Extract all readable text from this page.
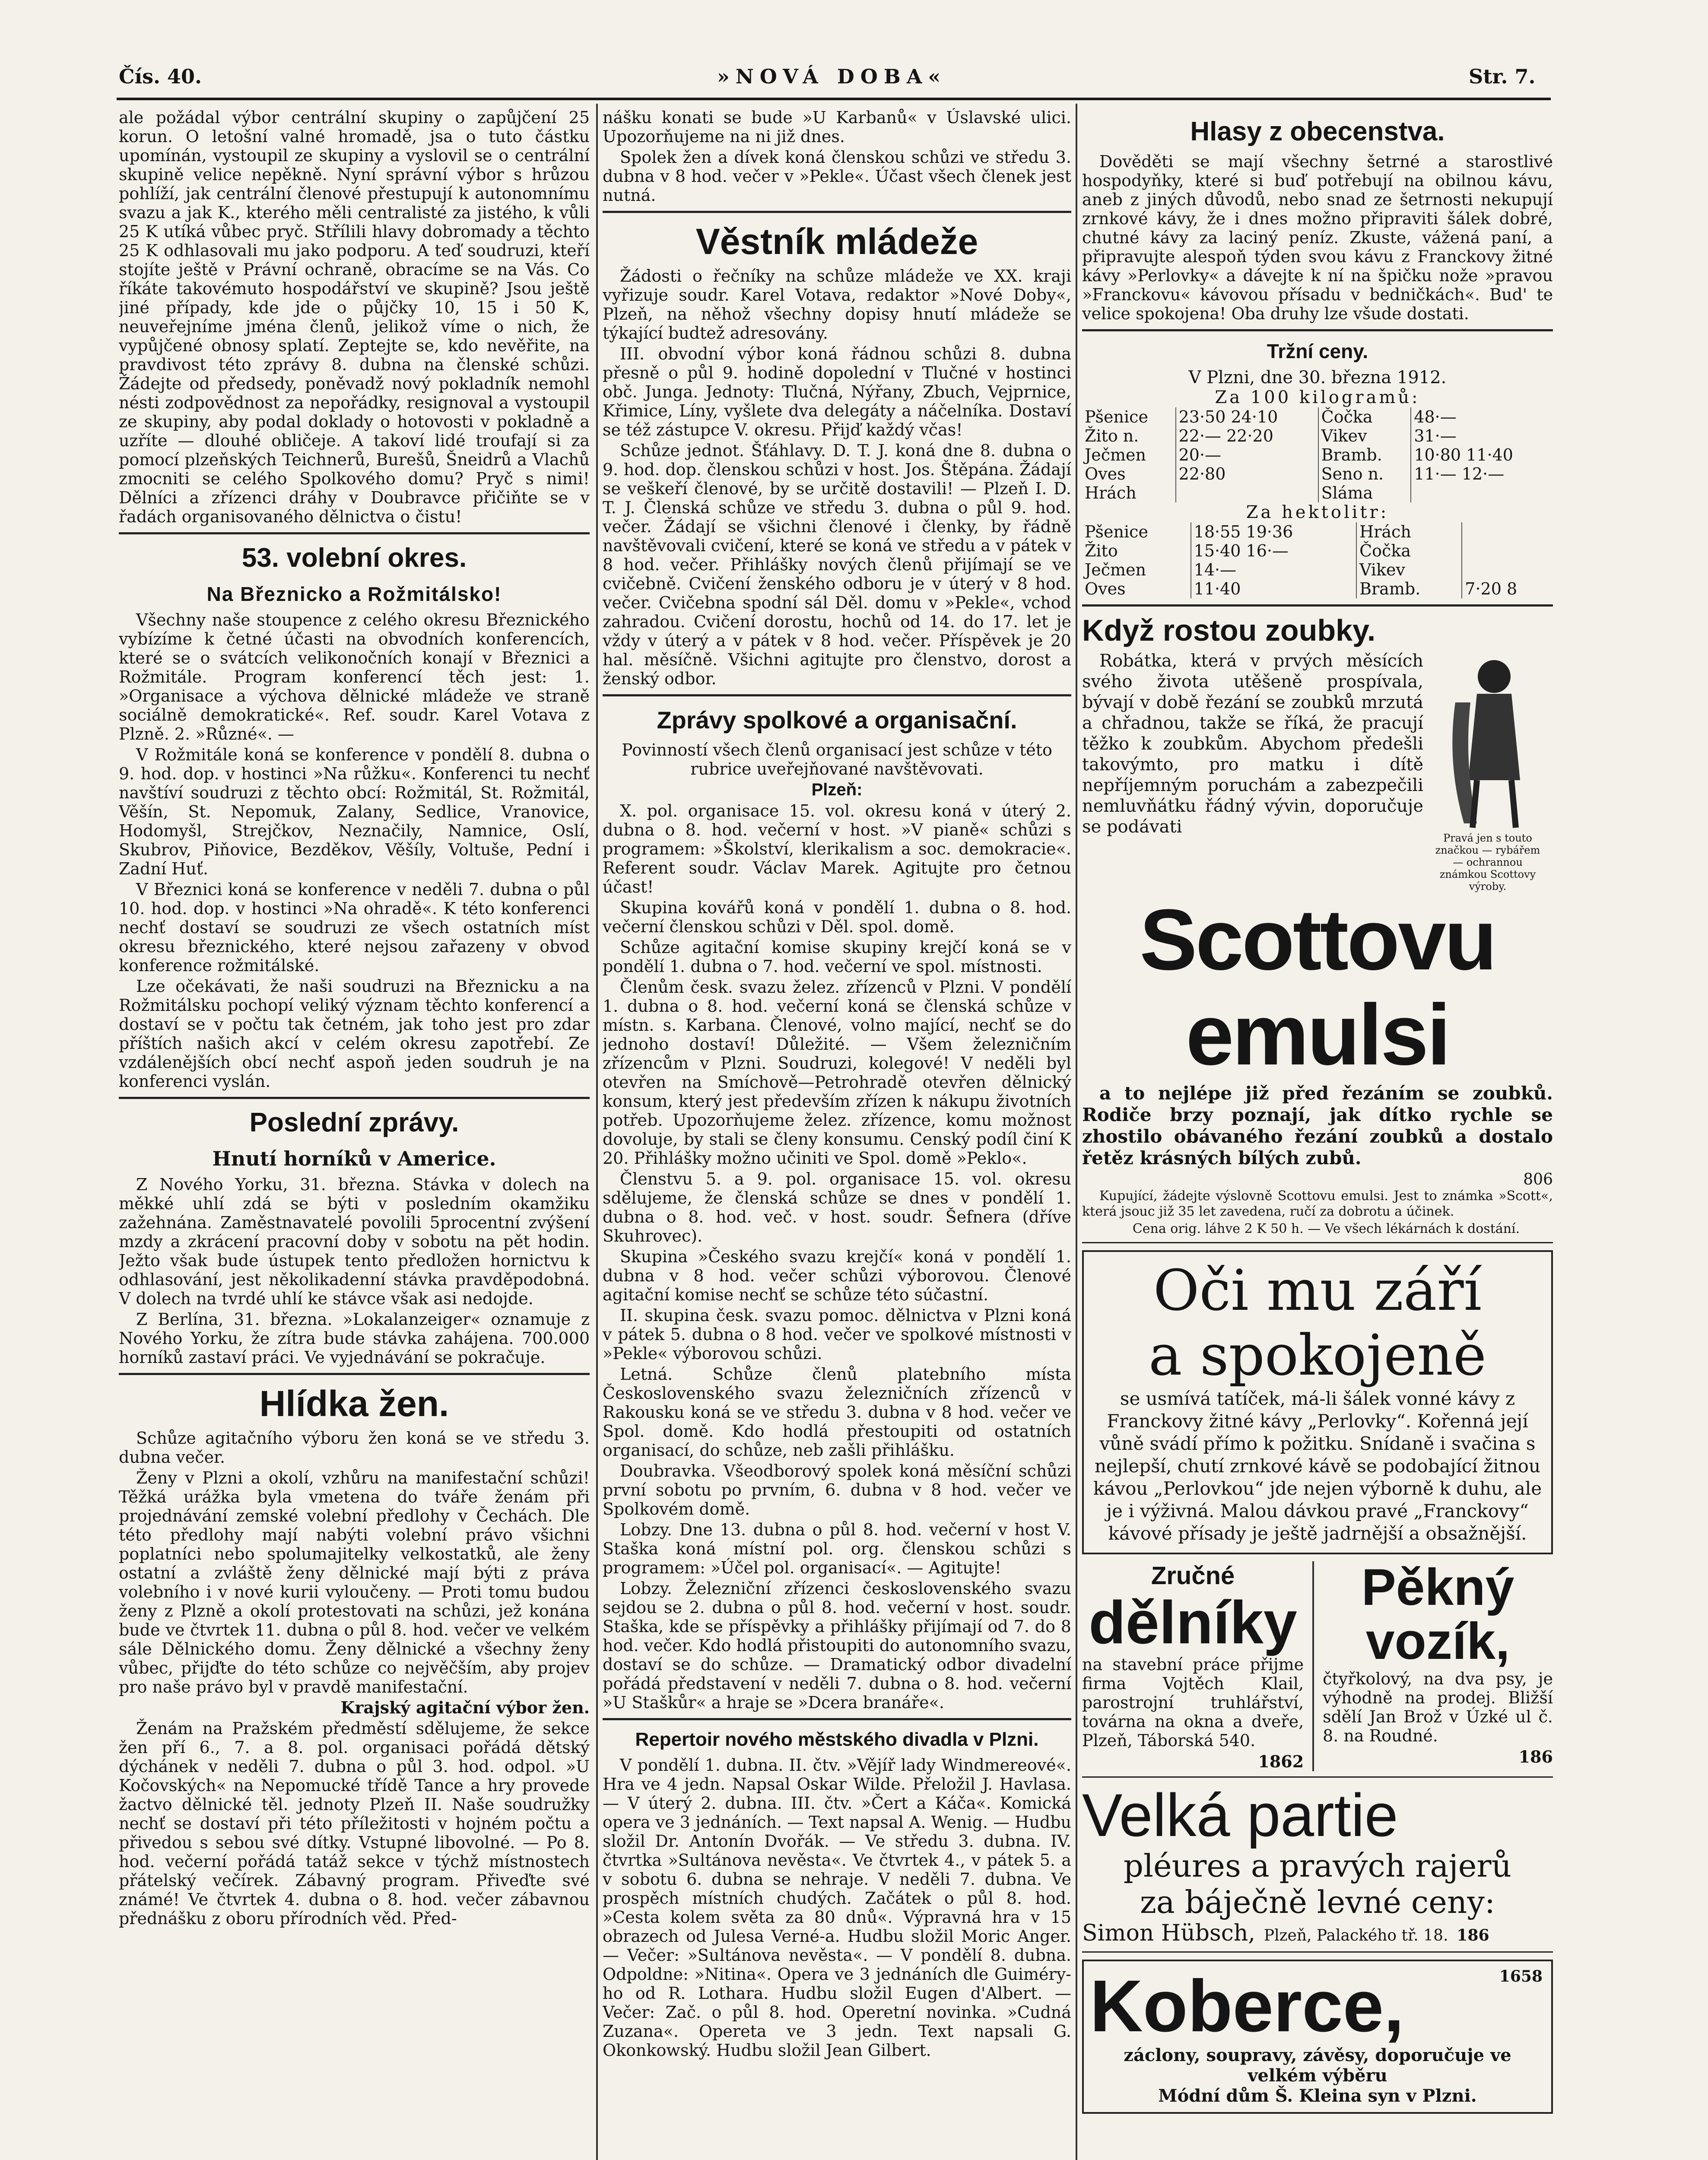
Čís. 40.	»NOVÁ DOBA«	Str. 7.

ale požádal výbor centrální skupiny o zapůjčení 25 korun. O letošní valné hromadě, jsa o tuto částku upomínán, vystoupil ze skupiny a vyslovil se o centrální skupině velice nepěkně. Nyní správní výbor s hrůzou pohlíží, jak centrální členové přestupují k autonomnímu svazu a jak K., kterého měli centralisté za jistého, k vůli 25 K utíká vůbec pryč. Střílili hlavy dobromady a těchto 25 K odhlasovali mu jako podporu. A teď soudruzi, kteří stojíte ještě v Právní ochraně, obracíme se na Vás. Co říkáte takovémuto hospodářství ve skupině? Jsou ještě jiné případy, kde jde o půjčky 10, 15 i 50 K, neuveřejníme jména členů, jelikož víme o nich, že vypůjčené obnosy splatí. Zeptejte se, kdo nevěřite, na pravdivost této zprávy 8. dubna na členské schůzi. Žádejte od předsedy, poněvadž nový pokladník nemohl nésti zodpovědnost za nepořádky, resignoval a vystoupil ze skupiny, aby podal doklady o hotovosti v pokladně a uzříte — dlouhé obličeje. A takoví lidé troufají si za pomocí plzeňských Teichnerů, Burešů, Šneidrů a Vlachů zmocniti se celého Spolkového domu? Pryč s nimi! Dělníci a zřízenci dráhy v Doubravce přičiňte se v řadách organisovaného dělnictva o čistu!

53. volební okres.
Na Březnicko a Rožmitálsko!

Všechny naše stoupence z celého okresu Březnického vybízíme k četné účasti na obvodních konferencích, které se o svátcích velikonočních konají v Březnici a Rožmitále. Program konferencí těch jest: 1. »Organisace a výchova dělnické mládeže ve straně sociálně demokratické«. Ref. soudr. Karel Votava z Plzně. 2. »Různé«. —

V Rožmitále koná se konference v pondělí 8. dubna o 9. hod. dop. v hostinci »Na růžku«. Konferenci tu nechť navštíví soudruzi z těchto obcí: Rožmitál, St. Rožmitál, Věšín, St. Nepomuk, Zalany, Sedlice, Vranovice, Hodomyšl, Strejčkov, Neznačily, Namnice, Oslí, Skubrov, Piňovice, Bezděkov, Věšíly, Voltuše, Pední i Zadní Huť.

V Březnici koná se konference v neděli 7. dubna o půl 10. hod. dop. v hostinci »Na ohradě«. K této konferenci nechť dostaví se soudruzi ze všech ostatních míst okresu březnického, které nejsou zařazeny v obvod konference rožmitálské.

Lze očekávati, že naši soudruzi na Březnicku a na Rožmitálsku pochopí veliký význam těchto konferencí a dostaví se v počtu tak četném, jak toho jest pro zdar příštích našich akcí v celém okresu zapotřebí. Ze vzdálenějších obcí nechť aspoň jeden soudruh je na konferenci vyslán.

Poslední zprávy.
Hnutí horníků v Americe.

Z Nového Yorku, 31. března. Stávka v dolech na měkké uhlí zdá se býti v posledním okamžiku zažehnána. Zaměstnavatelé povolili 5procentní zvýšení mzdy a zkrácení pracovní doby v sobotu na pět hodin. Ježto však bude ústupek tento předložen hornictvu k odhlasování, jest několikadenní stávka pravděpodobná. V dolech na tvrdé uhlí ke stávce však asi nedojde.

Z Berlína, 31. března. »Lokalanzeiger« oznamuje z Nového Yorku, že zítra bude stávka zahájena. 700.000 horníků zastaví práci. Ve vyjednávání se pokračuje.

Hlídka žen.

Schůze agitačního výboru žen koná se ve středu 3. dubna večer.

Ženy v Plzni a okolí, vzhůru na manifestační schůzi! Těžká urážka byla vmetena do tváře ženám při projednávání zemské volební předlohy v Čechách. Dle této předlohy mají nabýti volební právo všichni poplatníci nebo spolumajitelky velkostatků, ale ženy ostatní a zvláště ženy dělnické mají býti z práva volebního i v nové kurii vyloučeny. — Proti tomu budou ženy z Plzně a okolí protestovati na schůzi, jež konána bude ve čtvrtek 11. dubna o půl 8. hod. večer ve velkém sále Dělnického domu. Ženy dělnické a všechny ženy vůbec, přijďte do této schůze co nejvěčším, aby projev pro naše právo byl v pravdě manifestační.

Krajský agitační výbor žen.

Ženám na Pražském předměstí sdělujeme, že sekce žen pří 6., 7. a 8. pol. organisaci pořádá dětský dýchánek v neděli 7. dubna o půl 3. hod. odpol. »U Kočovských« na Nepomucké třídě Tance a hry provede žactvo dělnické těl. jednoty Plzeň II. Naše soudružky nechť se dostaví při této příležitosti v hojném počtu a přivedou s sebou své dítky. Vstupné libovolné. — Po 8. hod. večerní pořádá tatáž sekce v týchž místnostech přátelský večírek. Zábavný program. Přiveďte své známé! Ve čtvrtek 4. dubna o 8. hod. večer zábavnou přednášku z oboru přírodních věd. Před-

nášku konati se bude »U Karbanů« v Úslavské ulici. Upozorňujeme na ni již dnes.

Spolek žen a dívek koná členskou schůzi ve středu 3. dubna v 8 hod. večer v »Pekle«. Účast všech členek jest nutná.

Věstník mládeže

Žádosti o řečníky na schůze mládeže ve XX. kraji vyřizuje soudr. Karel Votava, redaktor »Nové Doby«, Plzeň, na něhož všechny dopisy hnutí mládeže se týkající budtež adresovány.

III. obvodní výbor koná řádnou schůzi 8. dubna přesně o půl 9. hodině dopolední v Tlučné v hostinci obč. Junga. Jednoty: Tlučná, Nýřany, Zbuch, Vejprnice, Křimice, Líny, vyšlete dva delegáty a náčelníka. Dostaví se též zástupce V. okresu. Přijď každý včas!

Schůze jednot. Šťáhlavy. D. T. J. koná dne 8. dubna o 9. hod. dop. členskou schůzi v host. Jos. Štěpána. Žádají se veškeří členové, by se určitě dostavili! — Plzeň I. D. T. J. Členská schůze ve středu 3. dubna o půl 9. hod. večer. Žádají se všichni členové i členky, by řádně navštěvovali cvičení, které se koná ve středu a v pátek v 8 hod. večer. Přihlášky nových členů přijímají se ve cvičebně. Cvičení ženského odboru je v úterý v 8 hod. večer. Cvičebna spodní sál Děl. domu v »Pekle«, vchod zahradou. Cvičení dorostu, hochů od 14. do 17. let je vždy v úterý a v pátek v 8 hod. večer. Příspěvek je 20 hal. měsíčně. Všichni agitujte pro členstvo, dorost a ženský odbor.

Zprávy spolkové a organisační.

Povinností všech členů organisací jest schůze v této rubrice uveřejňované navštěvovati.

Plzeň:

X. pol. organisace 15. vol. okresu koná v úterý 2. dubna o 8. hod. večerní v host. »V pianě« schůzi s programem: »Školství, klerikalism a soc. demokracie«. Referent soudr. Václav Marek. Agitujte pro četnou účast!

Skupina kovářů koná v pondělí 1. dubna o 8. hod. večerní členskou schůzi v Děl. spol. domě.

Schůze agitační komise skupiny krejčí koná se v pondělí 1. dubna o 7. hod. večerní ve spol. místnosti.

Členům česk. svazu želez. zřízenců v Plzni. V pondělí 1. dubna o 8. hod. večerní koná se členská schůze v místn. s. Karbana. Členové, volno mající, nechť se do jednoho dostaví! Důležité. — Všem železničním zřízencům v Plzni. Soudruzi, kolegové! V neděli byl otevřen na Smíchově—Petrohradě otevřen dělnický konsum, který jest především zřízen k nákupu životních potřeb. Upozorňujeme želez. zřízence, komu možnost dovoluje, by stali se členy konsumu. Censký podíl činí K 20. Přihlášky možno učiniti ve Spol. domě »Peklo«.

Členstvu 5. a 9. pol. organisace 15. vol. okresu sdělujeme, že členská schůze se dnes v pondělí 1. dubna o 8. hod. več. v host. soudr. Šefnera (dříve Skuhrovec).

Skupina »Českého svazu krejčí« koná v pondělí 1. dubna v 8 hod. večer schůzi výborovou. Členové agitační komise nechť se schůze této súčastní.

II. skupina česk. svazu pomoc. dělnictva v Plzni koná v pátek 5. dubna o 8 hod. večer ve spolkové místnosti v »Pekle« výborovou schůzi.

Letná. Schůze členů platebního místa Československého svazu železničních zřízenců v Rakousku koná se ve středu 3. dubna v 8 hod. večer ve Spol. domě. Kdo hodlá přestoupiti od ostatních organisací, do schůze, neb zašli přihlášku.

Doubravka. Všeodborový spolek koná měsíční schůzi první sobotu po prvním, 6. dubna v 8 hod. večer ve Spolkovém domě.

Lobzy. Dne 13. dubna o půl 8. hod. večerní v host V. Staška koná místní pol. org. členskou schůzi s programem: »Účel pol. organisací«. — Agitujte!

Lobzy. Železniční zřízenci československého svazu sejdou se 2. dubna o půl 8. hod. večerní v host. soudr. Staška, kde se příspěvky a přihlášky přijímají od 7. do 8 hod. večer. Kdo hodlá přistoupiti do autonomního svazu, dostaví se do schůze. — Dramatický odbor divadelní pořádá představení v neděli 7. dubna o 8. hod. večerní »U Staškůr« a hraje se »Dcera branáře«.

Repertoir nového městského divadla v Plzni.

V pondělí 1. dubna. II. čtv. »Vějíř lady Windmereové«. Hra ve 4 jedn. Napsal Oskar Wilde. Přeložil J. Havlasa. — V úterý 2. dubna. III. čtv. »Čert a Káča«. Komická opera ve 3 jednáních. — Text napsal A. Wenig. — Hudbu složil Dr. Antonín Dvořák. — Ve středu 3. dubna. IV. čtvrtka »Sultánova nevěsta«. Ve čtvrtek 4., v pátek 5. a v sobotu 6. dubna se nehraje. V neděli 7. dubna. Ve prospěch místních chudých. Začátek o půl 8. hod. »Cesta kolem světa za 80 dnů«. Výpravná hra v 15 obrazech od Julesa Verné-a. Hudbu složil Moric Anger. — Večer: »Sultánova nevěsta«. — V pondělí 8. dubna. Odpoldne: »Nitina«. Opera ve 3 jednáních dle Guiméry-ho od R. Lothara. Hudbu složil Eugen d'Albert. — Večer: Zač. o půl 8. hod. Operetní novinka. »Cudná Zuzana«. Opereta ve 3 jedn. Text napsali G. Okonkowský. Hudbu složil Jean Gilbert.

Hlasy z obecenstva.

Dověděti se mají všechny šetrné a starostlivé hospodyňky, které si buď potřebují na obilnou kávu, aneb z jiných důvodů, nebo snad ze šetrnosti nekupují zrnkové kávy, že i dnes možno připraviti šálek dobré, chutné kávy za laciný peníz. Zkuste, vážená paní, a připravujte alespoň týden svou kávu z Franckovy žitné kávy »Perlovky« a dávejte k ní na špičku nože »pravou »Franckovu« kávovou přísadu v bedničkách«. Bud' te velice spokojena! Oba druhy lze všude dostati.

Tržní ceny.
V Plzni, dne 30. března 1912.
Za 100 kilogramů:
Pšenice	23·50 24·10	Čočka	48·—
Žito n.	22·— 22·20	Vikev	31·—
Ječmen	20·—	Bramb.	10·80 11·40
Oves	22·80	Seno n.	11·— 12·—
Hrách		Sláma	
Za hektolitr:
Pšenice	18·55 19·36	Hrách	
Žito	15·40 16·—	Čočka	
Ječmen	14·—	Vikev	
Oves	11·40	Bramb.	7·20 8
Když rostou zoubky.

Robátka, která v prvých měsících svého života utěšeně prospívala, bývají v době řezání se zoubků mrzutá a chřadnou, takže se říká, že pracují těžko k zoubkům. Abychom předešli takovýmto, pro matku i dítě nepříjemným poruchám a zabezpečili nemluvňátku řádný vývin, doporučuje se podávati

Pravá jen s touto značkou — rybářem — ochrannou známkou Scottovy výroby.
Scottovu emulsi

a to nejlépe již před řezáním se zoubků. Rodiče brzy poznají, jak dítko rychle se zhostilo obávaného řezání zoubků a dostalo řetěz krásných bílých zubů.

806

Kupující, žádejte výslovně Scottovu emulsi. Jest to známka »Scott«, která jsouc již 35 let zavedena, ručí za dobrotu a účinek.

Cena orig. láhve 2 K 50 h. — Ve všech lékárnách k dostání.

Oči mu září
a spokojeně

se usmívá tatíček, má-li šálek vonné kávy z Franckovy žitné kávy „Perlovky“. Kořenná její vůně svádí přímo k požitku. Snídaně i svačina s nejlepší, chutí zrnkové kávě se podobající žitnou kávou „Perlovkou“ jde nejen výborně k duhu, ale je i výživná. Malou dávkou pravé „Franckovy“ kávové přísady je ještě jadrnější a obsažnější.

Zručné
dělníky

na stavební práce přijme firma Vojtěch Klail, parostrojní truhlářství, továrna na okna a dveře, Plzeň, Táborská 540.

1862
Pěkný
vozík,

čtyřkolový, na dva psy, je výhodně na prodej. Bližší sdělí Jan Brož v Úzké ul č. 8. na Roudné.

186
Velká partie
pléures a pravých rajerů
za báječně levné ceny:
Simon Hübsch, Plzeň, Palackého tř. 18. 186
Koberce,	1658
záclony, soupravy, závěsy, doporučuje ve velkém výběru
Módní dům Š. Kleina syn v Plzni.
